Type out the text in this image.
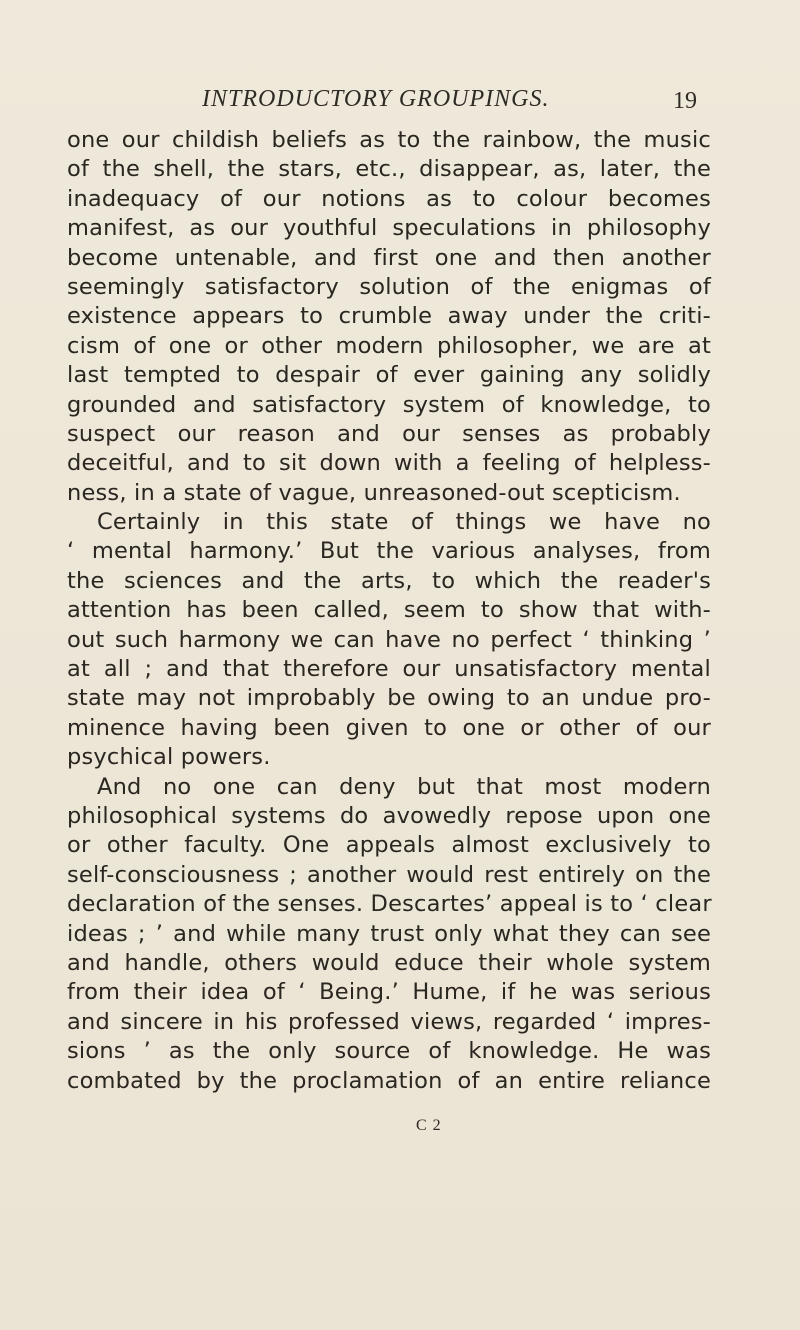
INTRODUCTORY GROUPINGS.	19
one our childish beliefs as to the rainbow, the music
of the shell, the stars, etc., disappear, as, later, the
inadequacy of our notions as to colour becomes
manifest, as our youthful speculations in philosophy
become untenable, and first one and then another
seemingly satisfactory solution of the enigmas of
existence appears to crumble away under the criti-
cism of one or other modern philosopher, we are at
last tempted to despair of ever gaining any solidly
grounded and satisfactory system of knowledge, to
suspect our reason and our senses as probably
deceitful, and to sit down with a feeling of helpless-
ness, in a state of vague, unreasoned-out scepticism.
Certainly in this state of things we have no
‘ mental harmony.’ But the various analyses, from
the sciences and the arts, to which the reader's
attention has been called, seem to show that with-
out such harmony we can have no perfect ‘ thinking ’
at all ; and that therefore our unsatisfactory mental
state may not improbably be owing to an undue pro-
minence having been given to one or other of our
psychical powers.
And no one can deny but that most modern
philosophical systems do avowedly repose upon one
or other faculty. One appeals almost exclusively to
self-consciousness ; another would rest entirely on the
declaration of the senses. Descartes’ appeal is to ‘ clear
ideas ; ’ and while many trust only what they can see
and handle, others would educe their whole system
from their idea of ‘ Being.’ Hume, if he was serious
and sincere in his professed views, regarded ‘ impres-
sions ’ as the only source of knowledge. He was
combated by the proclamation of an entire reliance
C 2
